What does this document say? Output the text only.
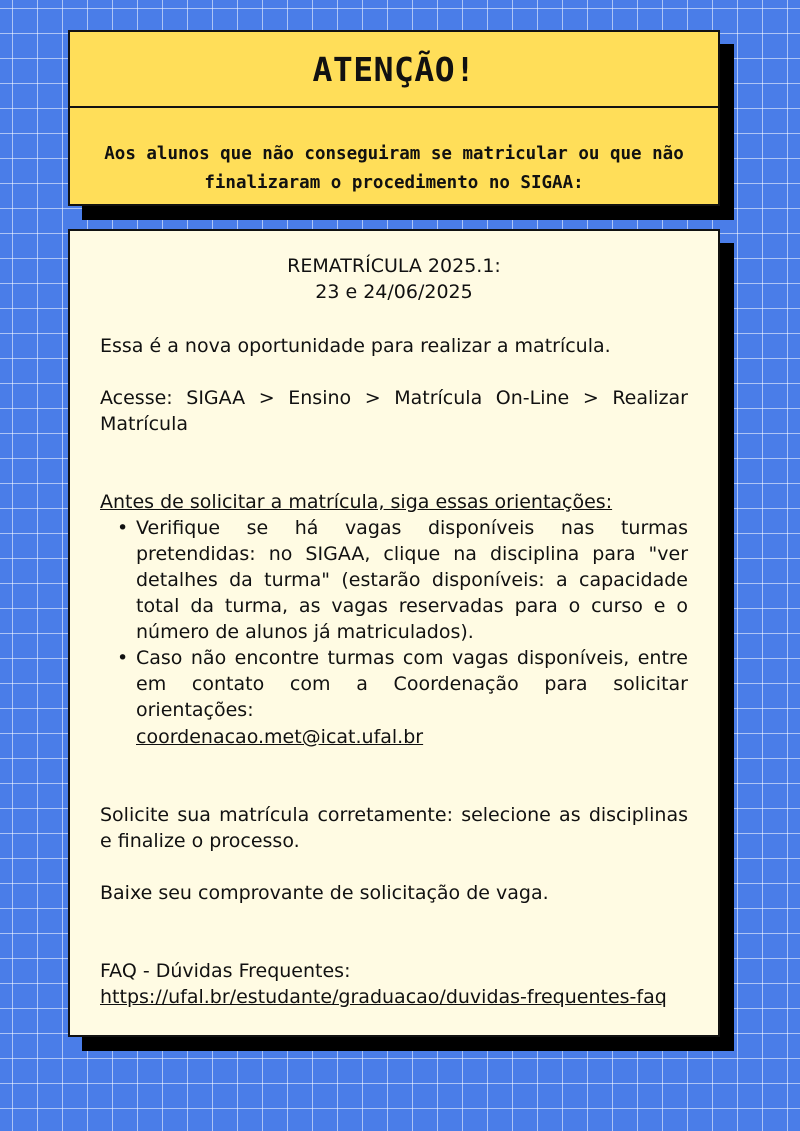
ATENÇÃO!
Aos alunos que não conseguiram se matricular ou que não finalizaram o procedimento no SIGAA:
REMATRÍCULA 2025.1:
23 e 24/06/2025
Essa é a nova oportunidade para realizar a matrícula.
Acesse: SIGAA > Ensino > Matrícula On-Line > Realizar Matrícula
Antes de solicitar a matrícula, siga essas orientações:
• Verifique se há vagas disponíveis nas turmas pretendidas: no SIGAA, clique na disciplina para "ver detalhes da turma" (estarão disponíveis: a capacidade total da turma, as vagas reservadas para o curso e o número de alunos já matriculados).
• Caso não encontre turmas com vagas disponíveis, entre em contato com a Coordenação para solicitar orientações:
coordenacao.met@icat.ufal.br
Solicite sua matrícula corretamente: selecione as disciplinas e finalize o processo.
Baixe seu comprovante de solicitação de vaga.
FAQ - Dúvidas Frequentes:
https://ufal.br/estudante/graduacao/duvidas-frequentes-faq
